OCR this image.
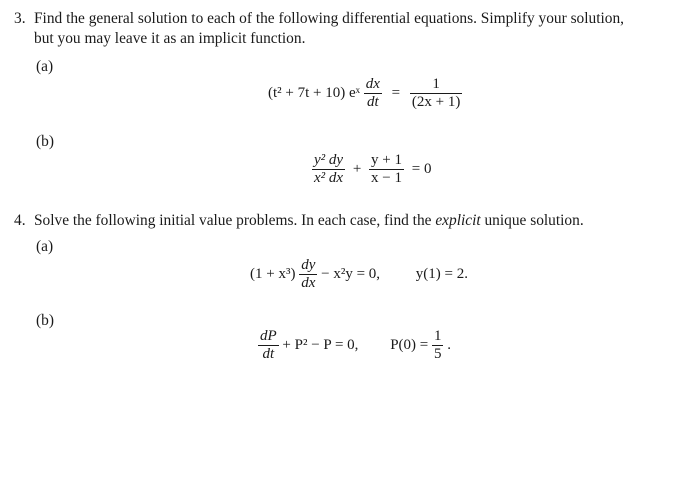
3. Find the general solution to each of the following differential equations. Simplify your solution,
but you may leave it as an implicit function.
(a)
(t² + 7t + 10) eˣ $\frac{dx}{dt} = \frac{1}{(2x + 1)}$
(b)
$\frac{\text{y² dy}}{\text{x² dx}} + \frac{y + 1}{x - 1} = 0$
4. Solve the following initial value problems. In each case, find the explicit unique solution.
(a)
$(1 + x^3) \frac{dy}{dx} - x^2y = 0$, y(1) = 2.
(b)
$\frac{dP}{dt} + P^2 - P = 0$, $P(0) = \frac{1}{5}$ .
